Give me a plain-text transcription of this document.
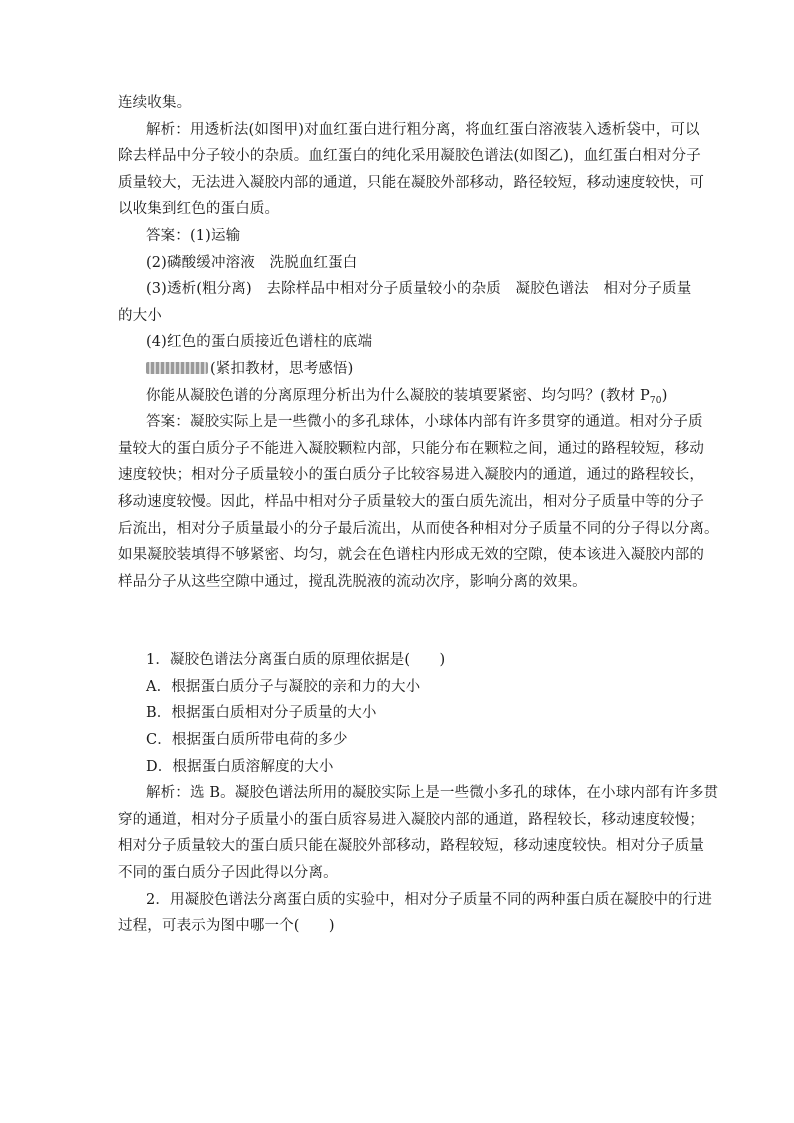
连续收集。
解析：用透析法(如图甲)对血红蛋白进行粗分离，将血红蛋白溶液装入透析袋中，可以
除去样品中分子较小的杂质。血红蛋白的纯化采用凝胶色谱法(如图乙)，血红蛋白相对分子
质量较大，无法进入凝胶内部的通道，只能在凝胶外部移动，路径较短，移动速度较快，可
以收集到红色的蛋白质。
答案：(1)运输
(2)磷酸缓冲溶液　洗脱血红蛋白
(3)透析(粗分离)　去除样品中相对分子质量较小的杂质　凝胶色谱法　相对分子质量
的大小
(4)红色的蛋白质接近色谱柱的底端
(紧扣教材，思考感悟)
你能从凝胶色谱的分离原理分析出为什么凝胶的装填要紧密、均匀吗？(教材 $P_{70}$)
答案：凝胶实际上是一些微小的多孔球体，小球体内部有许多贯穿的通道。相对分子质
量较大的蛋白质分子不能进入凝胶颗粒内部，只能分布在颗粒之间，通过的路程较短，移动
速度较快；相对分子质量较小的蛋白质分子比较容易进入凝胶内的通道，通过的路程较长，
移动速度较慢。因此，样品中相对分子质量较大的蛋白质先流出，相对分子质量中等的分子
后流出，相对分子质量最小的分子最后流出，从而使各种相对分子质量不同的分子得以分离。
如果凝胶装填得不够紧密、均匀，就会在色谱柱内形成无效的空隙，使本该进入凝胶内部的
样品分子从这些空隙中通过，搅乱洗脱液的流动次序，影响分离的效果。
1．凝胶色谱法分离蛋白质的原理依据是(　　)
A．根据蛋白质分子与凝胶的亲和力的大小
B．根据蛋白质相对分子质量的大小
C．根据蛋白质所带电荷的多少
D．根据蛋白质溶解度的大小
解析：选 B。凝胶色谱法所用的凝胶实际上是一些微小多孔的球体，在小球内部有许多贯
穿的通道，相对分子质量小的蛋白质容易进入凝胶内部的通道，路程较长，移动速度较慢；
相对分子质量较大的蛋白质只能在凝胶外部移动，路程较短，移动速度较快。相对分子质量
不同的蛋白质分子因此得以分离。
2．用凝胶色谱法分离蛋白质的实验中，相对分子质量不同的两种蛋白质在凝胶中的行进
过程，可表示为图中哪一个(　　)
